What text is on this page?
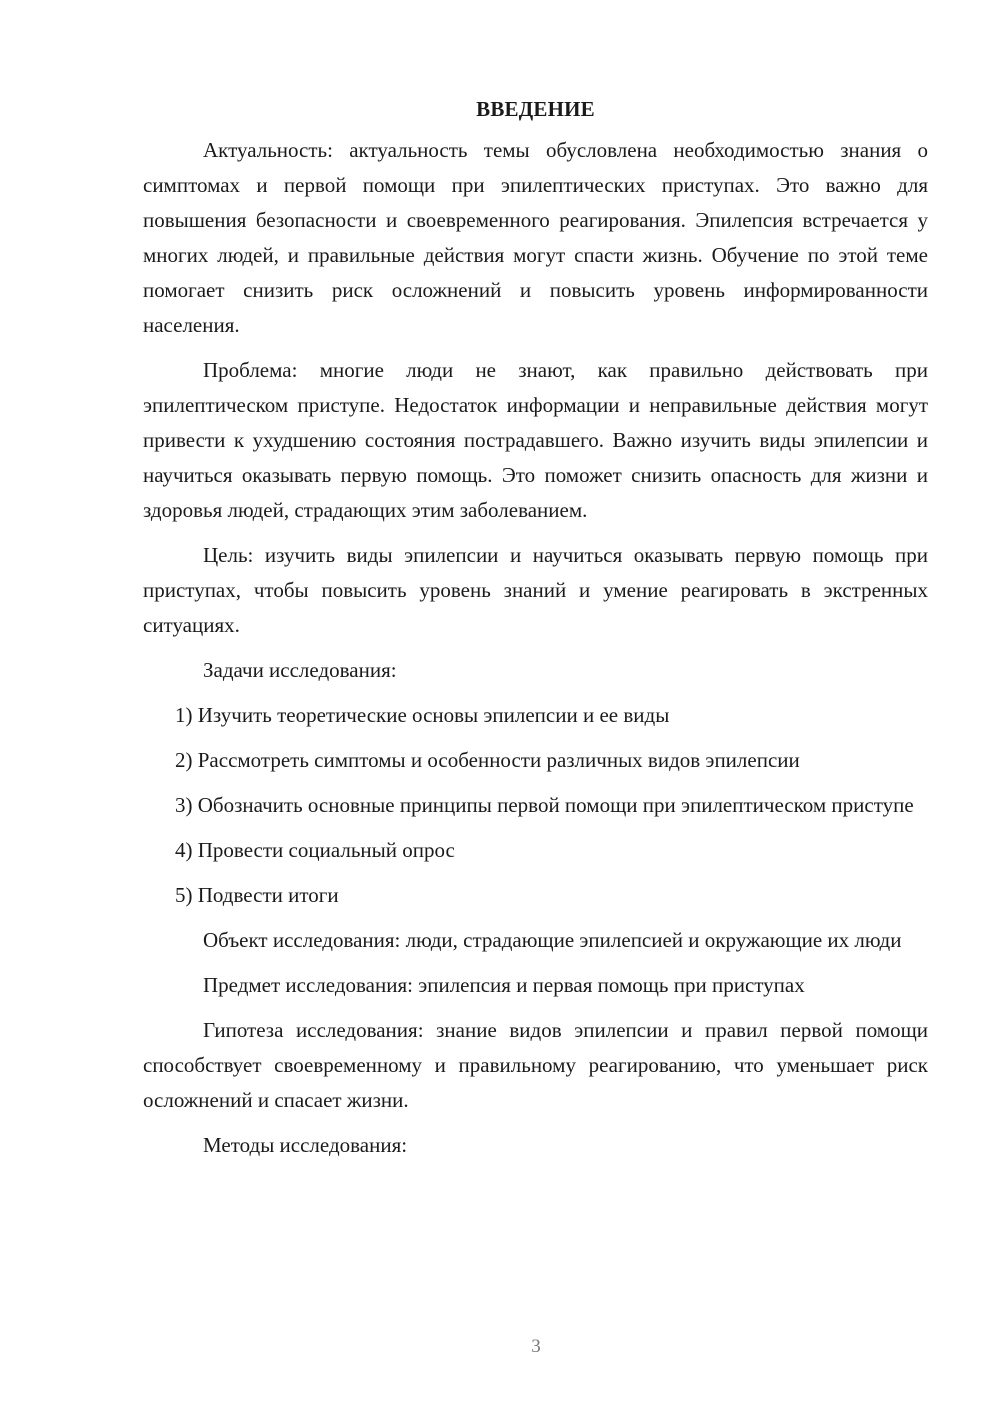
ВВЕДЕНИЕ

Актуальность: актуальность темы обусловлена необходимостью знания о симптомах и первой помощи при эпилептических приступах. Это важно для повышения безопасности и своевременного реагирования. Эпилепсия встречается у многих людей, и правильные действия могут спасти жизнь. Обучение по этой теме помогает снизить риск осложнений и повысить уровень информированности населения.

Проблема: многие люди не знают, как правильно действовать при эпилептическом приступе. Недостаток информации и неправильные действия могут привести к ухудшению состояния пострадавшего. Важно изучить виды эпилепсии и научиться оказывать первую помощь. Это поможет снизить опасность для жизни и здоровья людей, страдающих этим заболеванием.

Цель: изучить виды эпилепсии и научиться оказывать первую помощь при приступах, чтобы повысить уровень знаний и умение реагировать в экстренных ситуациях.

Задачи исследования:

1) Изучить теоретические основы эпилепсии и ее виды

2) Рассмотреть симптомы и особенности различных видов эпилепсии

3) Обозначить основные принципы первой помощи при эпилептическом приступе

4) Провести социальный опрос

5) Подвести итоги

Объект исследования: люди, страдающие эпилепсией и окружающие их люди

Предмет исследования: эпилепсия и первая помощь при приступах

Гипотеза исследования: знание видов эпилепсии и правил первой помощи способствует своевременному и правильному реагированию, что уменьшает риск осложнений и спасает жизни.

Методы исследования:

3
